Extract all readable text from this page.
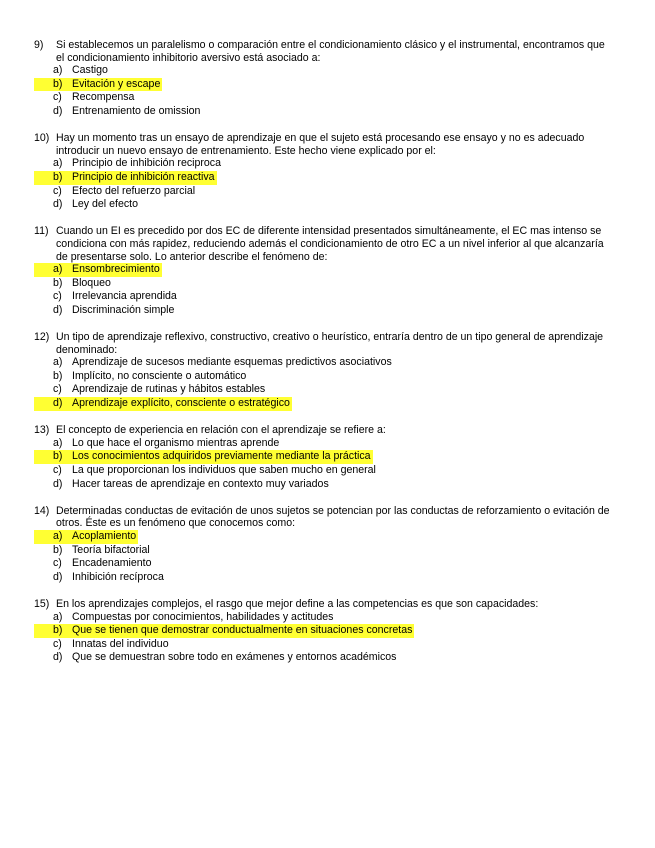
9)	Si establecemos un paralelismo o comparación entre el condicionamiento clásico y el instrumental, encontramos que el condicionamiento inhibitorio aversivo está asociado a:
a) Castigo
b) Evitación y escape
c) Recompensa
d) Entrenamiento de omission
10) Hay un momento tras un ensayo de aprendizaje en que el sujeto está procesando ese ensayo y no es adecuado introducir un nuevo ensayo de entrenamiento. Este hecho viene explicado por el:
a) Principio de inhibición reciproca
b) Principio de inhibición reactiva
c) Efecto del refuerzo parcial
d) Ley del efecto
11) Cuando un EI es precedido por dos EC de diferente intensidad presentados simultáneamente, el EC mas intenso se condiciona con más rapidez, reduciendo además el condicionamiento de otro EC a un nivel inferior al que alcanzaría de presentarse solo. Lo anterior describe el fenómeno de:
a) Ensombrecimiento
b) Bloqueo
c) Irrelevancia aprendida
d) Discriminación simple
12) Un tipo de aprendizaje reflexivo, constructivo, creativo o heurístico, entraría dentro de un tipo general de aprendizaje denominado:
a) Aprendizaje de sucesos mediante esquemas predictivos asociativos
b) Implícito, no consciente o automático
c) Aprendizaje de rutinas y hábitos estables
d) Aprendizaje explícito, consciente o estratégico
13) El concepto de experiencia en relación con el aprendizaje se refiere a:
a) Lo que hace el organismo mientras aprende
b) Los conocimientos adquiridos previamente mediante la práctica
c) La que proporcionan los individuos que saben mucho en general
d) Hacer tareas de aprendizaje en contexto muy variados
14) Determinadas conductas de evitación de unos sujetos se potencian por las conductas de reforzamiento o evitación de otros. Éste es un fenómeno que conocemos como:
a) Acoplamiento
b) Teoría bifactorial
c) Encadenamiento
d) Inhibición recíproca
15) En los aprendizajes complejos, el rasgo que mejor define a las competencias es que son capacidades:
a) Compuestas por conocimientos, habilidades y actitudes
b) Que se tienen que demostrar conductualmente en situaciones concretas
c) Innatas del individuo
d) Que se demuestran sobre todo en exámenes y entornos académicos
